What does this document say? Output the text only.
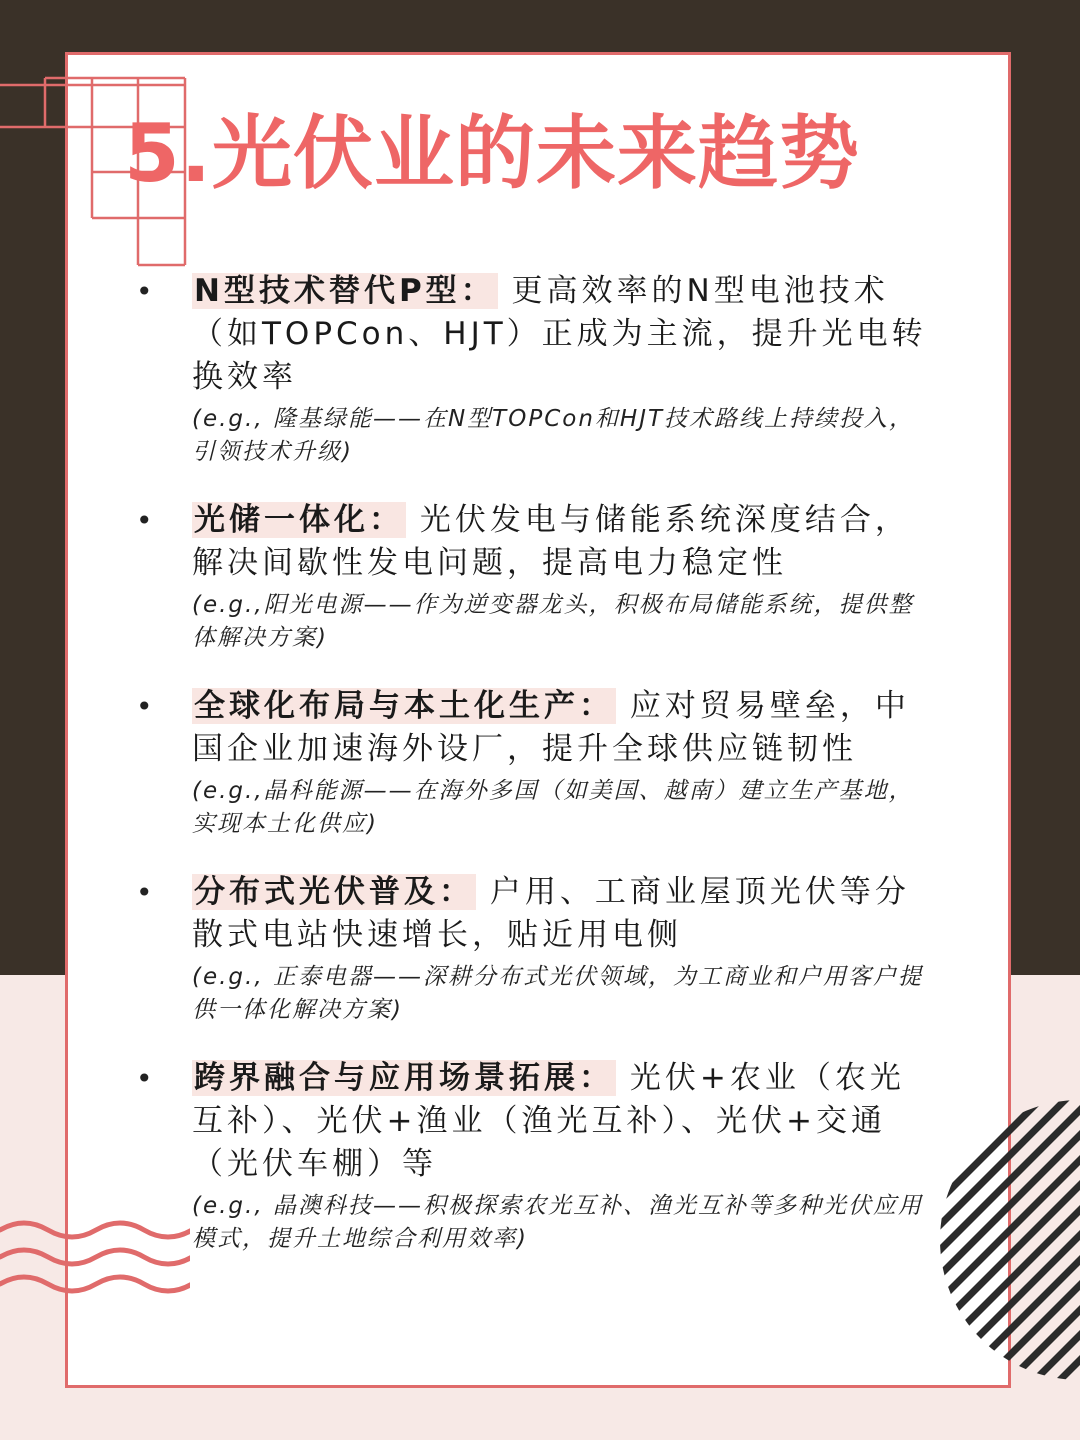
5.光伏业的未来趋势
• N型技术替代P型： 更高效率的N型电池技术（如TOPCon、HJT）正成为主流，提升光电转换效率

(e.g., 隆基绿能——在N型TOPCon和HJT技术路线上持续投入，引领技术升级)

• 光储一体化： 光伏发电与储能系统深度结合，解决间歇性发电问题，提高电力稳定性

(e.g.,阳光电源——作为逆变器龙头，积极布局储能系统，提供整体解决方案)

• 全球化布局与本土化生产： 应对贸易壁垒，中国企业加速海外设厂，提升全球供应链韧性

(e.g.,晶科能源——在海外多国（如美国、越南）建立生产基地，实现本土化供应)

• 分布式光伏普及： 户用、工商业屋顶光伏等分散式电站快速增长，贴近用电侧

(e.g., 正泰电器——深耕分布式光伏领域，为工商业和户用客户提供一体化解决方案)

• 跨界融合与应用场景拓展： 光伏+农业（农光互补）、光伏+渔业（渔光互补）、光伏+交通（光伏车棚）等

(e.g., 晶澳科技——积极探索农光互补、渔光互补等多种光伏应用模式，提升土地综合利用效率)
